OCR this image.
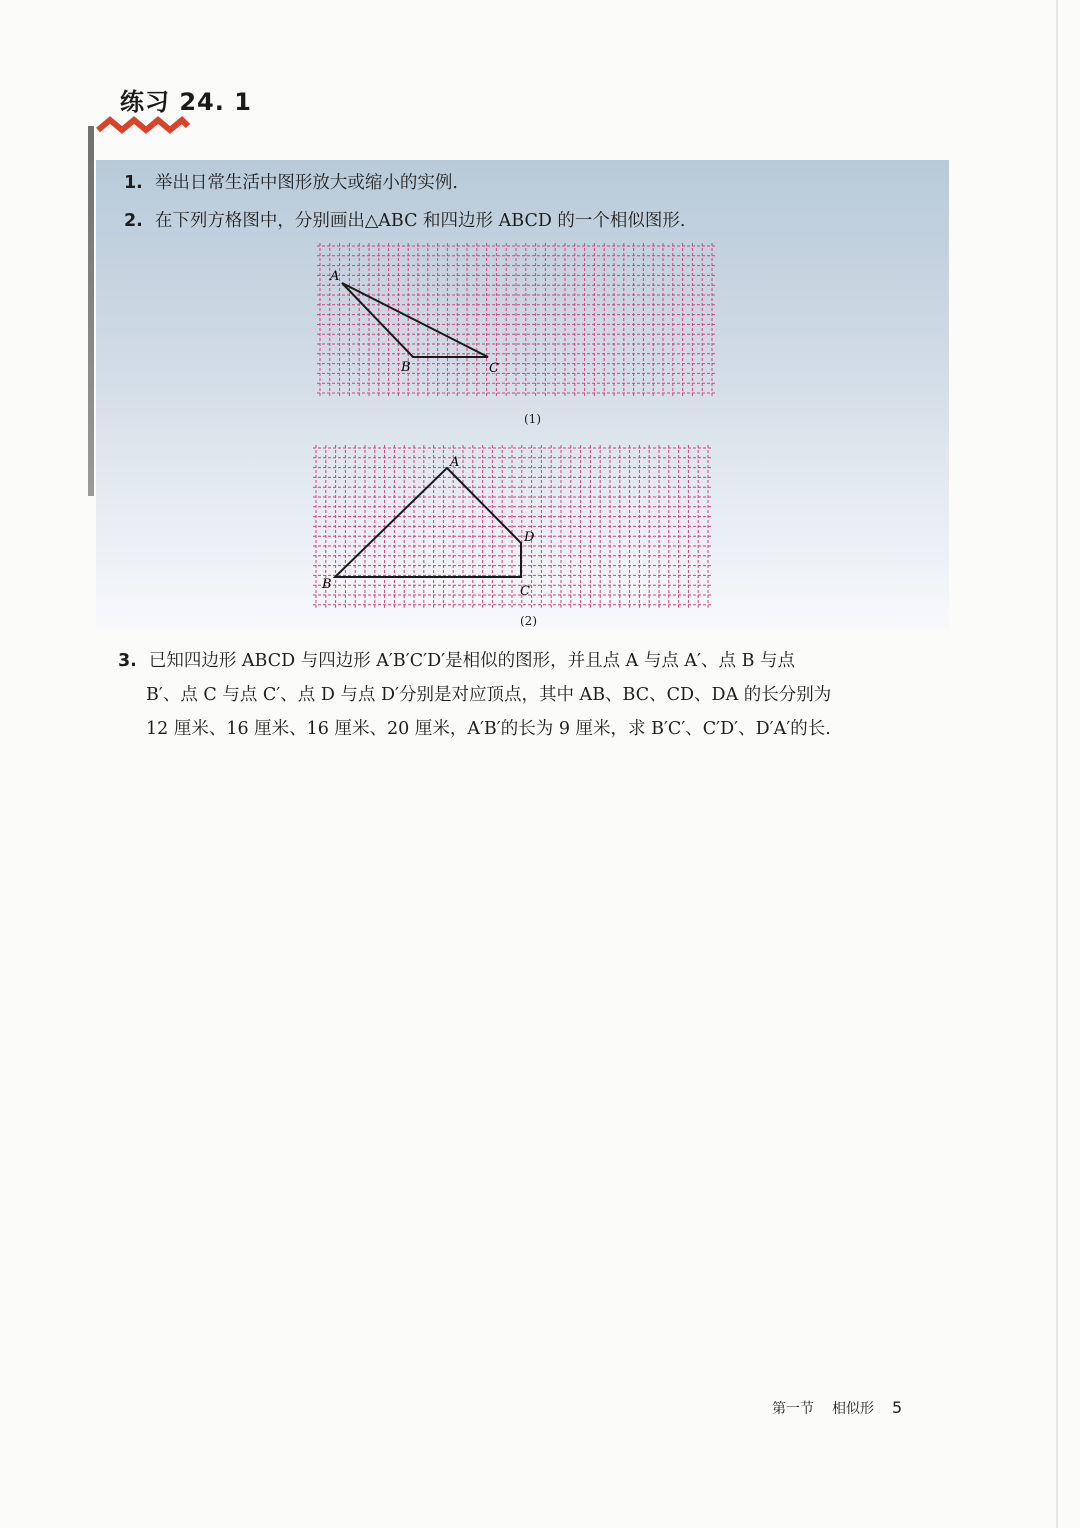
练习 24. 1
1. 举出日常生活中图形放大或缩小的实例.
2. 在下列方格图中，分别画出△ABC 和四边形 ABCD 的一个相似图形.
A
B	C
(1)
A
B	C
D
(2)
3. 已知四边形 ABCD 与四边形 A′B′C′D′是相似的图形，并且点 A 与点 A′、点 B 与点
B′、点 C 与点 C′、点 D 与点 D′分别是对应顶点，其中 AB、BC、CD、DA 的长分别为
12 厘米、16 厘米、16 厘米、20 厘米，A′B′的长为 9 厘米，求 B′C′、C′D′、D′A′的长.
第一节 相似形 5
